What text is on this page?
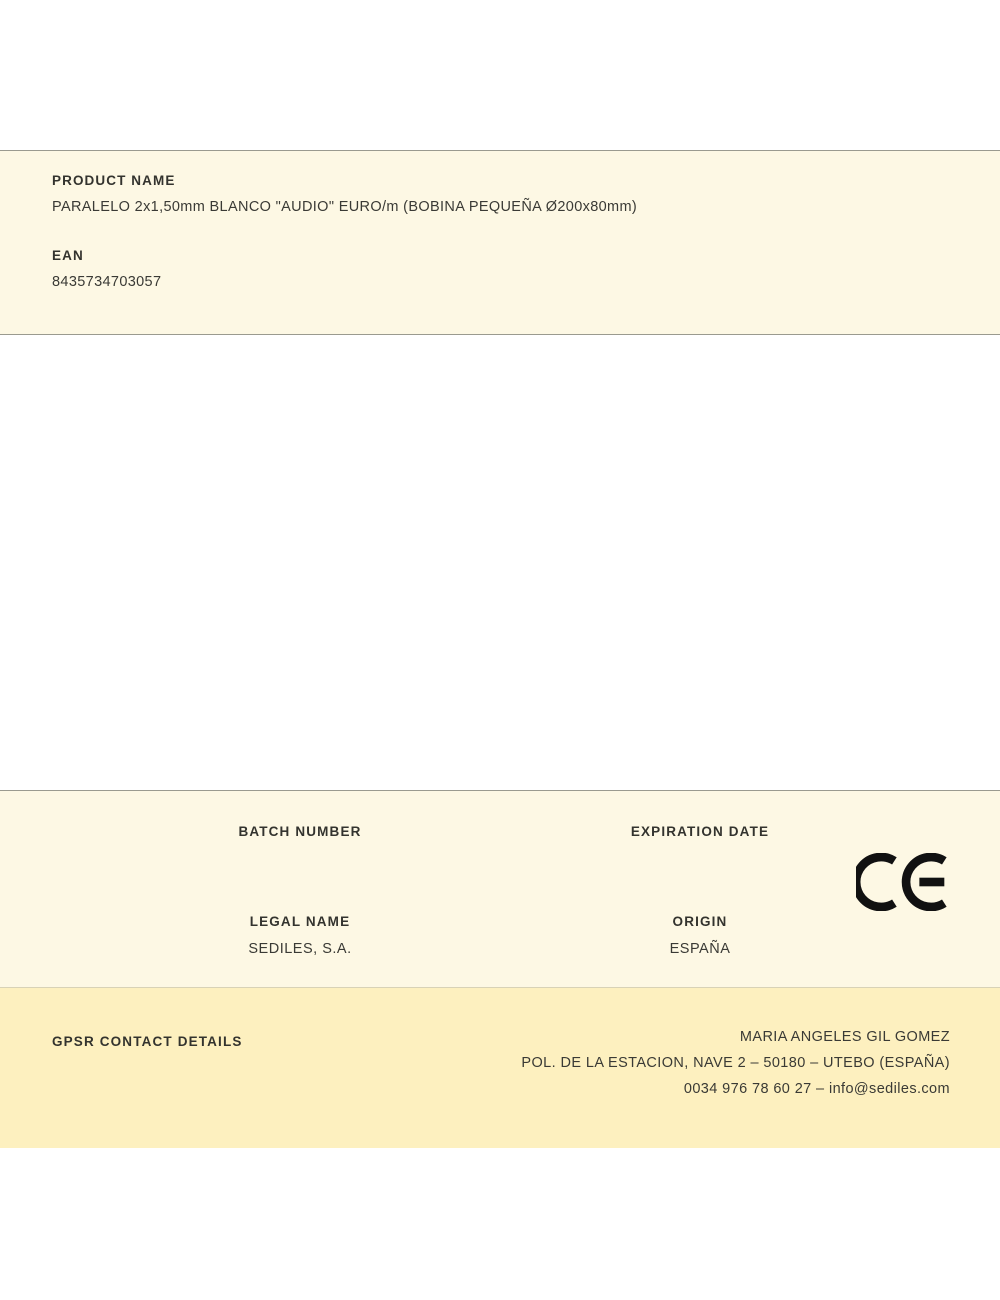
PRODUCT NAME
PARALELO 2x1,50mm BLANCO "AUDIO" EURO/m (BOBINA PEQUEÑA Ø200x80mm)
EAN
8435734703057
BATCH NUMBER	EXPIRATION DATE
LEGAL NAME
SEDILES, S.A.
ORIGIN
ESPAÑA
GPSR CONTACT DETAILS	MARIA ANGELES GIL GOMEZ
POL. DE LA ESTACION, NAVE 2 – 50180 – UTEBO (ESPAÑA)
0034 976 78 60 27 – info@sediles.com
